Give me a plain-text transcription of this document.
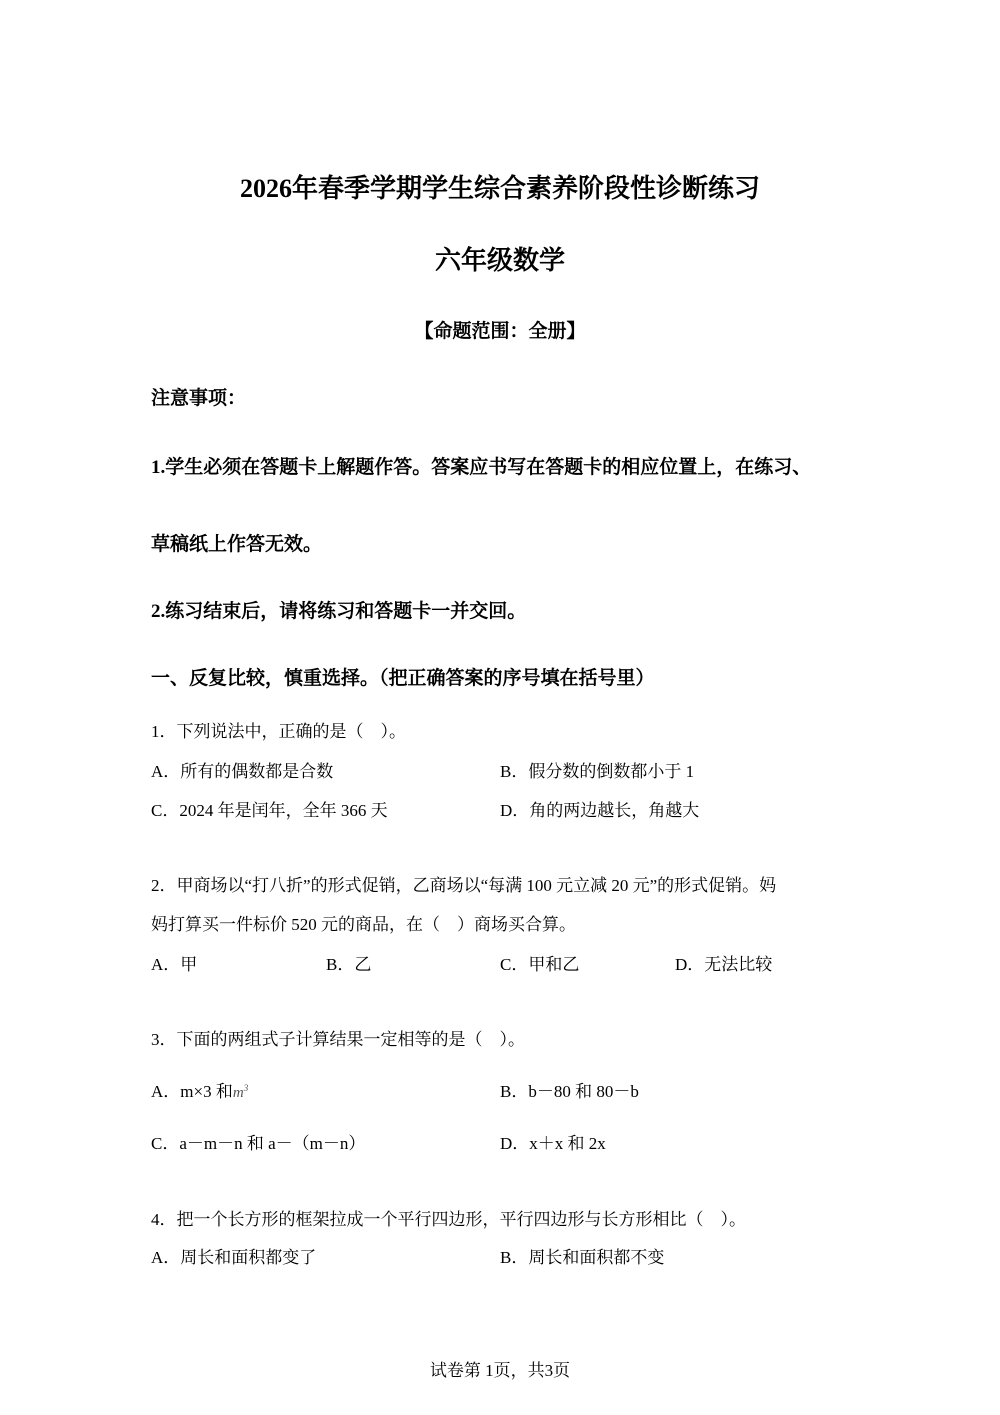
2026年春季学期学生综合素养阶段性诊断练习
六年级数学
【命题范围：全册】
注意事项：
1.学生必须在答题卡上解题作答。答案应书写在答题卡的相应位置上，在练习、
草稿纸上作答无效。
2.练习结束后，请将练习和答题卡一并交回。
一、反复比较，慎重选择。（把正确答案的序号填在括号里）
1．下列说法中，正确的是（　）。
A．所有的偶数都是合数	B．假分数的倒数都小于 1
C．2024 年是闰年，全年 366 天	D．角的两边越长，角越大
2．甲商场以“打八折”的形式促销，乙商场以“每满 100 元立减 20 元”的形式促销。妈
妈打算买一件标价 520 元的商品，在（　）商场买合算。
A．甲	B．乙	C．甲和乙	D．无法比较
3．下面的两组式子计算结果一定相等的是（　）。
A．m×3 和$m^3$	B．b－80 和 80－b
C．a－m－n 和 a－（m－n）	D．x＋x 和 2x
4．把一个长方形的框架拉成一个平行四边形，平行四边形与长方形相比（　）。
A．周长和面积都变了	B．周长和面积都不变
试卷第 1页，共3页
